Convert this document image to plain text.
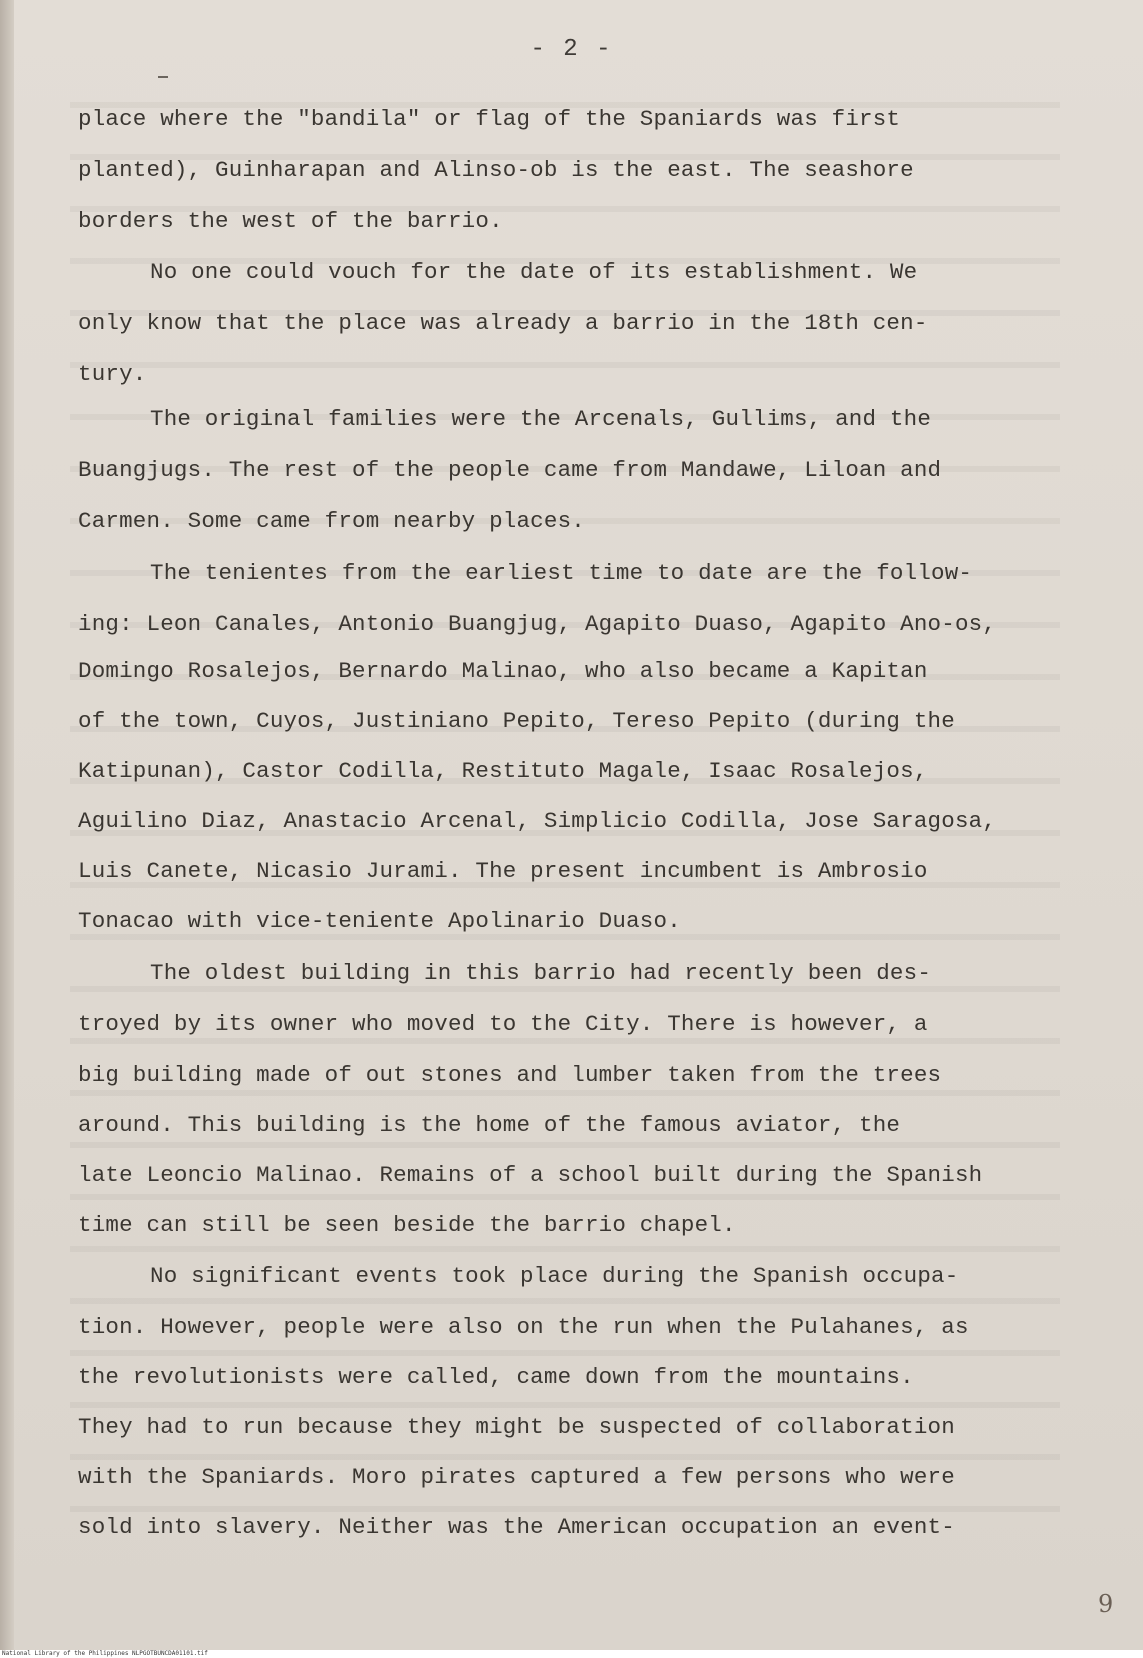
- 2 -
place where the "bandila" or flag of the Spaniards was first
planted), Guinharapan and Alinso-ob is the east. The seashore
borders the west of the barrio.
No one could vouch for the date of its establishment. We
only know that the place was already a barrio in the 18th cen-
tury.
The original families were the Arcenals, Gullims, and the
Buangjugs. The rest of the people came from Mandawe, Liloan and
Carmen. Some came from nearby places.
The tenientes from the earliest time to date are the follow-
ing: Leon Canales, Antonio Buangjug, Agapito Duaso, Agapito Ano-os,
Domingo Rosalejos, Bernardo Malinao, who also became a Kapitan
of the town, Cuyos, Justiniano Pepito, Tereso Pepito (during the
Katipunan), Castor Codilla, Restituto Magale, Isaac Rosalejos,
Aguilino Diaz, Anastacio Arcenal, Simplicio Codilla, Jose Saragosa,
Luis Canete, Nicasio Jurami. The present incumbent is Ambrosio
Tonacao with vice-teniente Apolinario Duaso.
The oldest building in this barrio had recently been des-
troyed by its owner who moved to the City. There is however, a
big building made of out stones and lumber taken from the trees
around. This building is the home of the famous aviator, the
late Leoncio Malinao. Remains of a school built during the Spanish
time can still be seen beside the barrio chapel.
No significant events took place during the Spanish occupa-
tion. However, people were also on the run when the Pulahanes, as
the revolutionists were called, came down from the mountains.
They had to run because they might be suspected of collaboration
with the Spaniards. Moro pirates captured a few persons who were
sold into slavery. Neither was the American occupation an event-
9
National Library of the Philippines NLPGOTBUNCDA01101.tif
